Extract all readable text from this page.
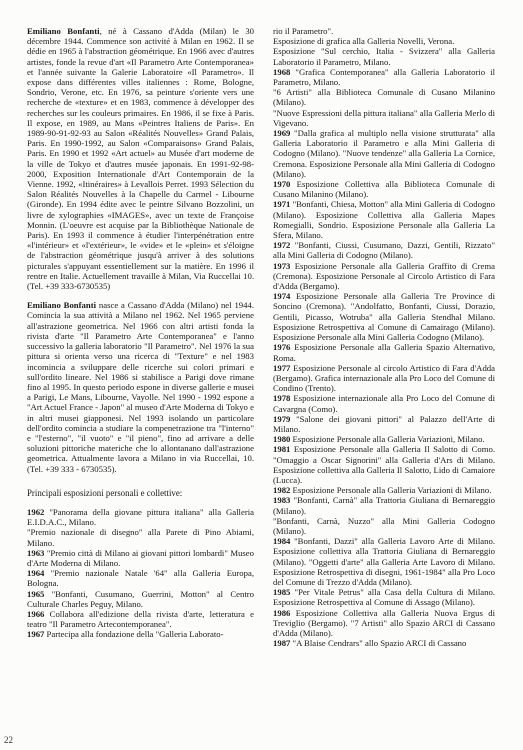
Emiliano Bonfanti, né à Cassano d'Adda (Milan) le 30 décembre 1944. Commence son activité à Milan en 1962. Il se dédie en 1965 à l'abstraction géométrique. En 1966 avec d'autres artistes, fonde la revue d'art «Il Parametro Arte Contemporanea» et l'année suivante la Galerie Laboratoire «Il Parametro». Il expose dans différentes villes italiennes : Rome, Bologne, Sondrio, Verone, etc. En 1976, sa peinture s'oriente vers une recherche de «texture» et en 1983, commence à développer des recherches sur les couleurs primaires. En 1986, il se fixe à Paris. Il expose, en 1989, au Mans «Peintres Italiens de Paris». En 1989-90-91-92-93 au Salon «Réalités Nouvelles» Grand Palais, Paris. En 1990-1992, au Salon «Comparaisons» Grand Palais, Paris. En 1990 et 1992 «Art actuel» au Musée d'art moderne de la ville de Tokyo et d'autres musée japonais. En 1991-92-98-2000, Exposition Internationale d'Art Contemporain de la Vienne. 1992, «Itinéraires» à Levallois Perret. 1993 Sélection du Salon Réalités Nouvelles à la Chapelle du Carmel - Libourne (Gironde). En 1994 édite avec le peintre Silvano Bozzolini, un livre de xylographies «IMAGES», avec un texte de Françoise Monnin. (L'oeuvre est acquise par la Bibliothèque Nationale de Paris). En 1993 il commence à étudier l'interpénétration entre «l'intérieur» et «l'extérieur», le «vide» et le «plein» et s'éloigne de l'abstraction géométrique jusqu'à arriver à des solutions picturales s'appuyant essentiellement sur la matière. En 1996 il rentre en Italie. Actuellement travaille à Milan, Via Ruccellai 10. (Tel. +39 333-6730535)

Emiliano Bonfanti nasce a Cassano d'Adda (Milano) nel 1944. Comincia la sua attività a Milano nel 1962. Nel 1965 perviene all'astrazione geometrica. Nel 1966 con altri artisti fonda la rivista d'arte "Il Parametro Arte Contemporanea" e l'anno successivo la galleria laboratorio "Il Parametro". Nel 1976 la sua pittura si orienta verso una ricerca di "Texture" e nel 1983 incomincia a sviluppare delle ricerche sui colori primari e sull'ordito lineare. Nel 1986 si stabilisce a Parigi dove rimane fino al 1995. In questo periodo espone in diverse gallerie e musei a Parigi, Le Mans, Libourne, Vayolle. Nel 1990 - 1992 espone a "Art Actuel France - Japon" al museo d'Arte Moderna di Tokyo e in altri musei giapponesi. Nel 1993 isolando un particolare dell'ordito comincia a studiare la compenetrazione tra "l'interno" e "l'esterno", "il vuoto" e "il pieno", fino ad arrivare a delle soluzioni pittoriche materiche che lo allontanano dall'astrazione geometrica. Attualmente lavora a Milano in via Ruccellai, 10. (Tel. +39 333 - 6730535).

Principali esposizioni personali e collettive:

1962 "Panorama della giovane pittura italiana" alla Galleria E.I.D.A.C., Milano.

"Premio nazionale di disegno" alla Parete di Pino Abiami, Milano.

1963 "Premio città di Milano ai giovani pittori lombardi" Museo d'Arte Moderna di Milano.

1964 "Premio nazionale Natale '64" alla Galleria Europa, Bologna.

1965 "Bonfanti, Cusumano, Guerrini, Motton" al Centro Culturale Charles Peguy, Milano.

1966 Collabora all'edizione della rivista d'arte, letteratura e teatro "Il Parametro Artecontemporanea".

1967 Partecipa alla fondazione della "Galleria Laborato-

rio il Parametro".

Esposizione di grafica alla Galleria Novelli, Verona.

Esposizione "Sul cerchio, Italia - Svizzera" alla Galleria Laboratorio il Parametro, Milano.

1968 "Grafica Contemporanea" alla Galleria Laboratorio il Parametro, Milano.

"6 Artisti" alla Biblioteca Comunale di Cusano Milanino (Milano).

"Nuove Espressioni della pittura italiana" alla Galleria Merlo di Vigevano.

1969 "Dalla grafica al multiplo nella visione strutturata" alla Galleria Laboratorio il Parametro e alla Mini Galleria di Codogno (Milano). "Nuove tendenze" alla Galleria La Cornice, Cremona. Esposizione Personale alla Mini Galleria di Codogno (Milano).

1970 Esposizione Collettiva alla Biblioteca Comunale di Cusano Milanino (Milano).

1971 "Bonfanti, Chiesa, Motton" alla Mini Galleria di Codogno (Milano). Esposizione Collettiva alla Galleria Mapes Romegialli, Sondrio. Esposizione Personale alla Galleria La Sfera, Milano.

1972 "Bonfanti, Ciussi, Cusumano, Dazzi, Gentili, Rizzato" alla Mini Galleria di Codogno (Milano).

1973 Esposizione Personale alla Galleria Graffito di Crema (Cremona). Esposizione Personale al Circolo Artistico di Fara d'Adda (Bergamo).

1974 Esposizione Personale alla Galleria Tre Province di Soncino (Cremona). "Andolfatto, Bonfanti, Ciussi, Dorazio, Gentili, Picasso, Wotruba" alla Galleria Stendhal Milano. Esposizione Retrospettiva al Comune di Camairago (Milano). Esposizione Personale alla Mini Galleria Codogno (Milano).

1976 Esposizione Personale alla Galleria Spazio Alternativo, Roma.

1977 Esposizione Personale al circolo Artistico di Fara d'Adda (Bergamo). Grafica internazionale alla Pro Loco del Comune di Condino (Trento).

1978 Esposizione internazionale alla Pro Loco del Comune di Cavargna (Como).

1979 "Salone dei giovani pittori" al Palazzo dell'Arte di Milano.

1980 Esposizione Personale alla Galleria Variazioni, Milano.

1981 Esposizione Personale alla Galleria Il Salotto di Como. "Omaggio a Oscar Signorini" alla Galleria d'Ars di Milano. Esposizione collettiva alla Galleria Il Salotto, Lido di Camaiore (Lucca).

1982 Esposizione Personale alla Galleria Variazioni di Milano.

1983 "Bonfanti, Carnà" alla Trattoria Giuliana di Bernareggio (Milano).

"Bonfanti, Carnà, Nuzzo" alla Mini Galleria Codogno (Milano).

1984 "Bonfanti, Dazzi" alla Galleria Lavoro Arte di Milano. Esposizione collettiva alla Trattoria Giuliana di Bernareggio (Milano). "Oggetti d'arte" alla Galleria Arte Lavoro di Milano. Esposizione Retrospettiva di disegni, 1961-1984" alla Pro Loco del Comune di Trezzo d'Adda (Milano).

1985 "Per Vitale Petrus" alla Casa della Cultura di Milano. Esposizione Retrospettiva al Comune di Assago (Milano).

1986 Esposizione Collettiva alla Galleria Nuova Ergus di Treviglio (Bergamo). "7 Artisti" allo Spazio ARCI di Cassano d'Adda (Milano).

1987 "A Blaise Cendrars" allo Spazio ARCI di Cassano

22
